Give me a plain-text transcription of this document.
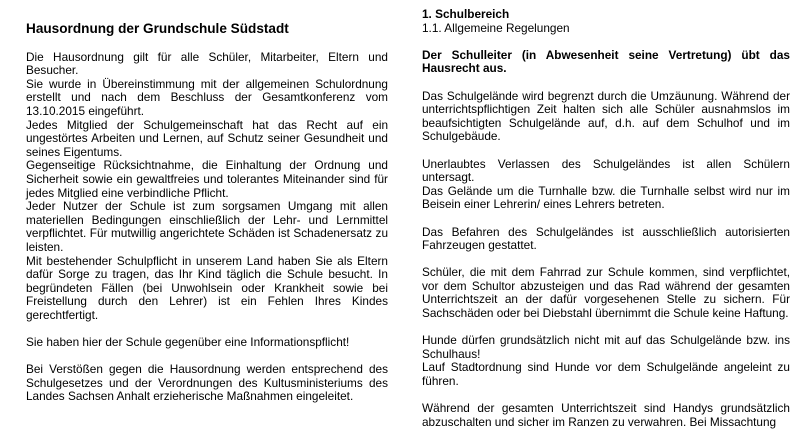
Hausordnung der Grundschule Südstadt

Die Hausordnung gilt für alle Schüler, Mitarbeiter, Eltern und Besucher.

Sie wurde in Übereinstimmung mit der allgemeinen Schulordnung erstellt und nach dem Beschluss der Gesamtkonferenz vom 13.10.2015 eingeführt.

Jedes Mitglied der Schulgemeinschaft hat das Recht auf ein ungestörtes Arbeiten und Lernen, auf Schutz seiner Gesundheit und seines Eigentums.

Gegenseitige Rücksichtnahme, die Einhaltung der Ordnung und Sicherheit sowie ein gewaltfreies und tolerantes Miteinander sind für jedes Mitglied eine verbindliche Pflicht.

Jeder Nutzer der Schule ist zum sorgsamen Umgang mit allen materiellen Bedingungen einschließlich der Lehr- und Lernmittel verpflichtet. Für mutwillig angerichtete Schäden ist Schadenersatz zu leisten.

Mit bestehender Schulpflicht in unserem Land haben Sie als Eltern dafür Sorge zu tragen, das Ihr Kind täglich die Schule besucht. In begründeten Fällen (bei Unwohlsein oder Krankheit sowie bei Freistellung durch den Lehrer) ist ein Fehlen Ihres Kindes gerechtfertigt.

Sie haben hier der Schule gegenüber eine Informationspflicht!

Bei Verstößen gegen die Hausordnung werden entsprechend des Schulgesetzes und der Verordnungen des Kultusministeriums des Landes Sachsen Anhalt erzieherische Maßnahmen eingeleitet.

1. Schulbereich
1.1. Allgemeine Regelungen

Der Schulleiter (in Abwesenheit seine Vertretung) übt das Hausrecht aus.

Das Schulgelände wird begrenzt durch die Umzäunung. Während der unterrichtspflichtigen Zeit halten sich alle Schüler ausnahmslos im beaufsichtigten Schulgelände auf, d.h. auf dem Schulhof und im Schulgebäude.

Unerlaubtes Verlassen des Schulgeländes ist allen Schülern untersagt.

Das Gelände um die Turnhalle bzw. die Turnhalle selbst wird nur im Beisein einer Lehrerin/ eines Lehrers betreten.

Das Befahren des Schulgeländes ist ausschließlich autorisierten Fahrzeugen gestattet.

Schüler, die mit dem Fahrrad zur Schule kommen, sind verpflichtet, vor dem Schultor abzusteigen und das Rad während der gesamten Unterrichtszeit an der dafür vorgesehenen Stelle zu sichern. Für Sachschäden oder bei Diebstahl übernimmt die Schule keine Haftung.

Hunde dürfen grundsätzlich nicht mit auf das Schulgelände bzw. ins Schulhaus!

Lauf Stadtordnung sind Hunde vor dem Schulgelände angeleint zu führen.

Während der gesamten Unterrichtszeit sind Handys grundsätzlich abzuschalten und sicher im Ranzen zu verwahren. Bei Missachtung
